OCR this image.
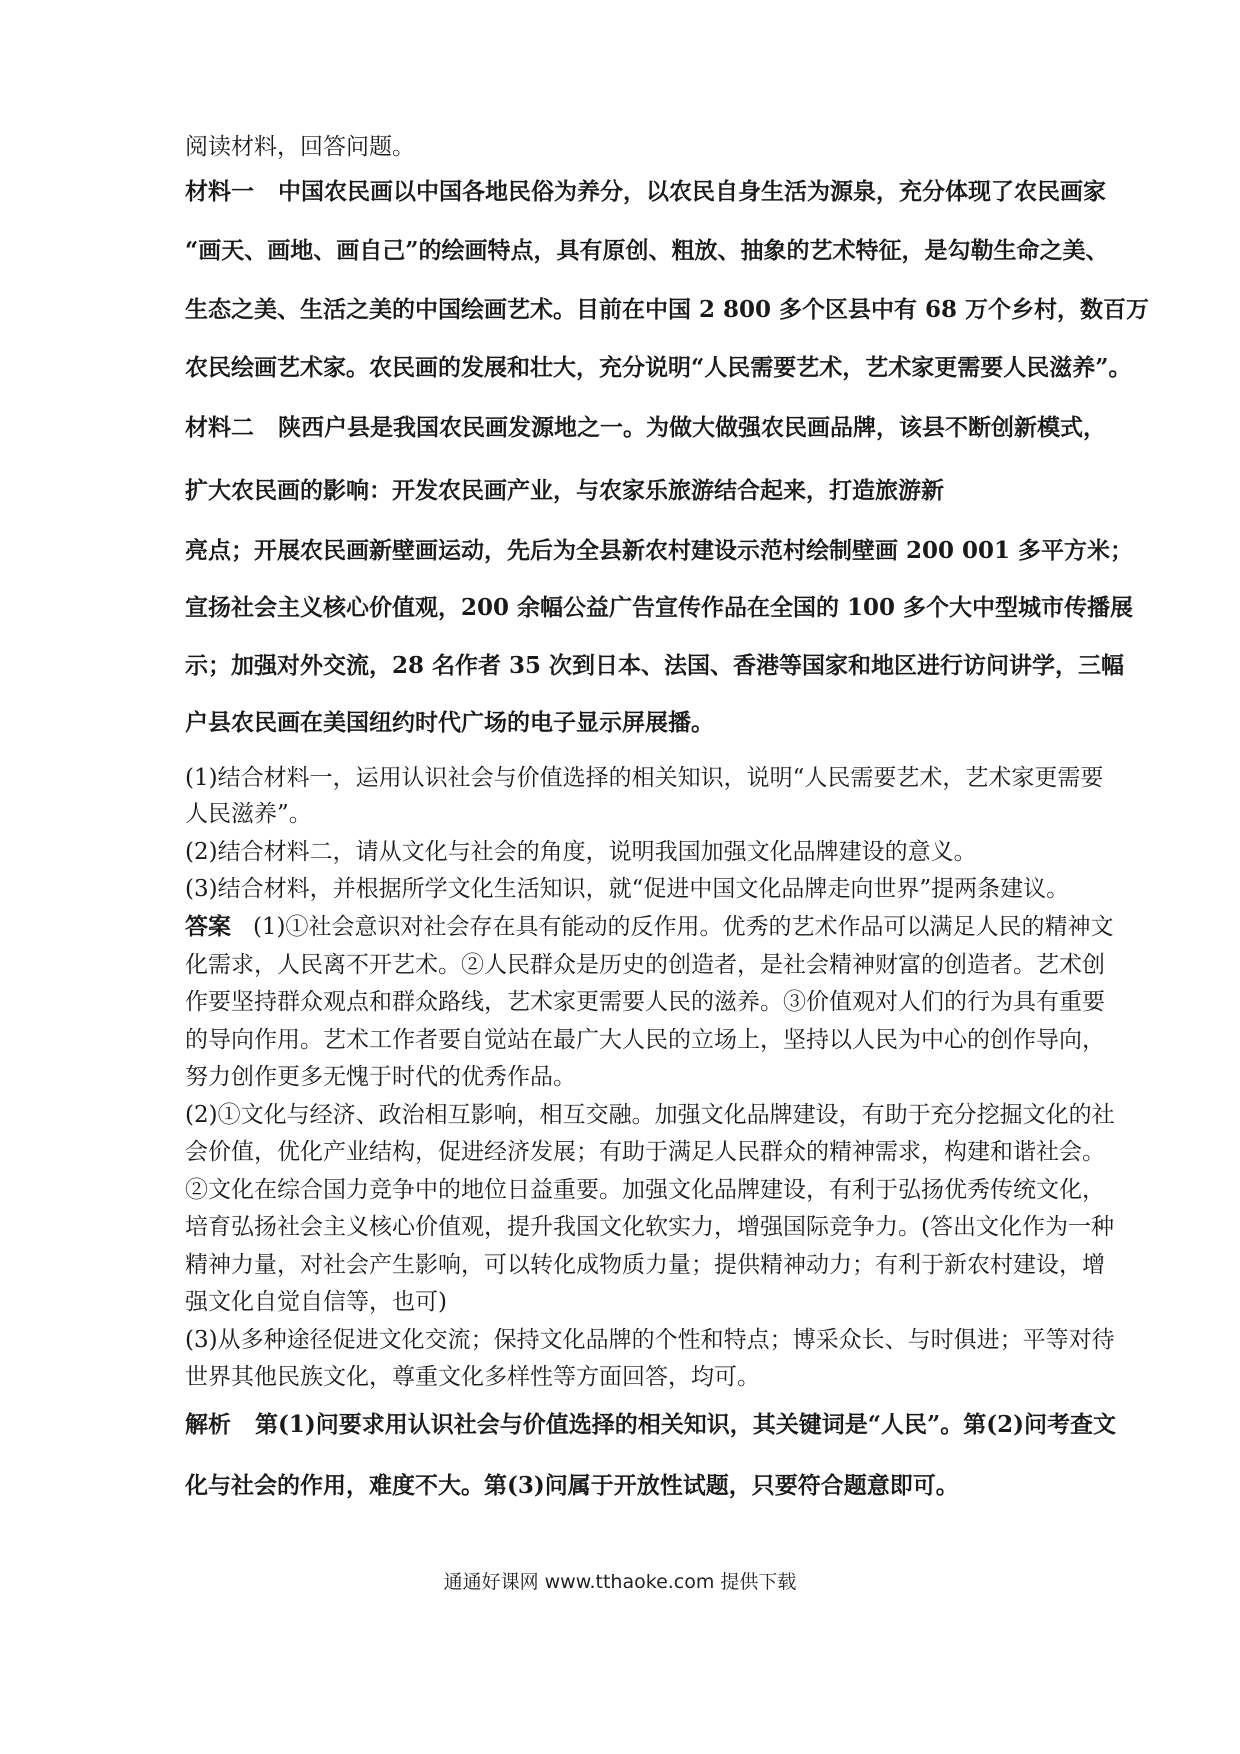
阅读材料，回答问题。
材料一 中国农民画以中国各地民俗为养分，以农民自身生活为源泉，充分体现了农民画家
“画天、画地、画自己”的绘画特点，具有原创、粗放、抽象的艺术特征，是勾勒生命之美、
生态之美、生活之美的中国绘画艺术。目前在中国 2 800 多个区县中有 68 万个乡村，数百万
农民绘画艺术家。农民画的发展和壮大，充分说明“人民需要艺术，艺术家更需要人民滋养”。
材料二 陕西户县是我国农民画发源地之一。为做大做强农民画品牌，该县不断创新模式，
扩大农民画的影响：开发农民画产业，与农家乐旅游结合起来，打造旅游新
亮点；开展农民画新壁画运动，先后为全县新农村建设示范村绘制壁画 200 001 多平方米；
宣扬社会主义核心价值观，200 余幅公益广告宣传作品在全国的 100 多个大中型城市传播展
示；加强对外交流，28 名作者 35 次到日本、法国、香港等国家和地区进行访问讲学，三幅
户县农民画在美国纽约时代广场的电子显示屏展播。
(1)结合材料一，运用认识社会与价值选择的相关知识，说明“人民需要艺术，艺术家更需要
人民滋养”。
(2)结合材料二，请从文化与社会的角度，说明我国加强文化品牌建设的意义。
(3)结合材料，并根据所学文化生活知识，就“促进中国文化品牌走向世界”提两条建议。
答案 (1)①社会意识对社会存在具有能动的反作用。优秀的艺术作品可以满足人民的精神文
化需求，人民离不开艺术。②人民群众是历史的创造者，是社会精神财富的创造者。艺术创
作要坚持群众观点和群众路线，艺术家更需要人民的滋养。③价值观对人们的行为具有重要
的导向作用。艺术工作者要自觉站在最广大人民的立场上，坚持以人民为中心的创作导向，
努力创作更多无愧于时代的优秀作品。
(2)①文化与经济、政治相互影响，相互交融。加强文化品牌建设，有助于充分挖掘文化的社
会价值，优化产业结构，促进经济发展；有助于满足人民群众的精神需求，构建和谐社会。
②文化在综合国力竞争中的地位日益重要。加强文化品牌建设，有利于弘扬优秀传统文化，
培育弘扬社会主义核心价值观，提升我国文化软实力，增强国际竞争力。(答出文化作为一种
精神力量，对社会产生影响，可以转化成物质力量；提供精神动力；有利于新农村建设，增
强文化自觉自信等，也可)
(3)从多种途径促进文化交流；保持文化品牌的个性和特点；博采众长、与时俱进；平等对待
世界其他民族文化，尊重文化多样性等方面回答，均可。
解析 第(1)问要求用认识社会与价值选择的相关知识，其关键词是“人民”。第(2)问考查文
化与社会的作用，难度不大。第(3)问属于开放性试题，只要符合题意即可。
通通好课网 www.tthaoke.com 提供下载
